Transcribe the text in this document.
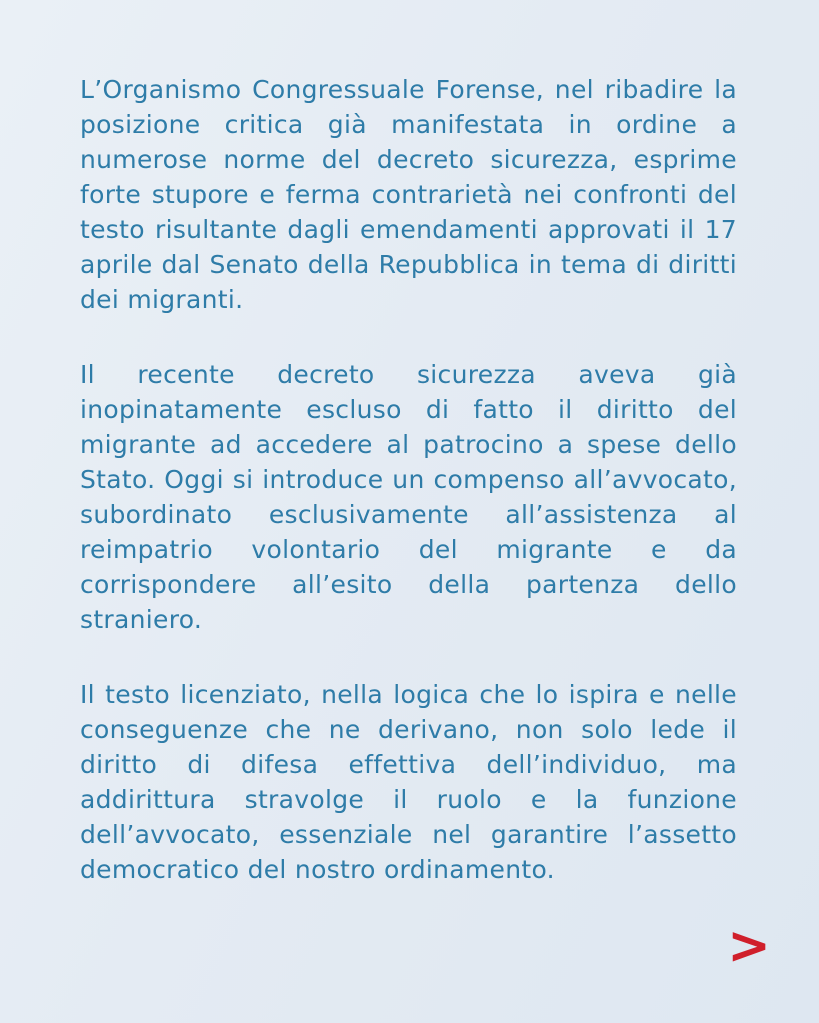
L’Organismo Congressuale Forense, nel ribadire la posizione critica già manifestata in ordine a numerose norme del decreto sicurezza, esprime forte stupore e ferma contrarietà nei confronti del testo risultante dagli emendamenti approvati il 17 aprile dal Senato della Repubblica in tema di diritti dei migranti.

Il recente decreto sicurezza aveva già inopinatamente escluso di fatto il diritto del migrante ad accedere al patrocino a spese dello Stato. Oggi si introduce un compenso all’avvocato, subordinato esclusivamente all’assistenza al reimpatrio volontario del migrante e da corrispondere all’esito della partenza dello straniero.

Il testo licenziato, nella logica che lo ispira e nelle conseguenze che ne derivano, non solo lede il diritto di difesa effettiva dell’individuo, ma addirittura stravolge il ruolo e la funzione dell’avvocato, essenziale nel garantire l’assetto democratico del nostro ordinamento.

>
